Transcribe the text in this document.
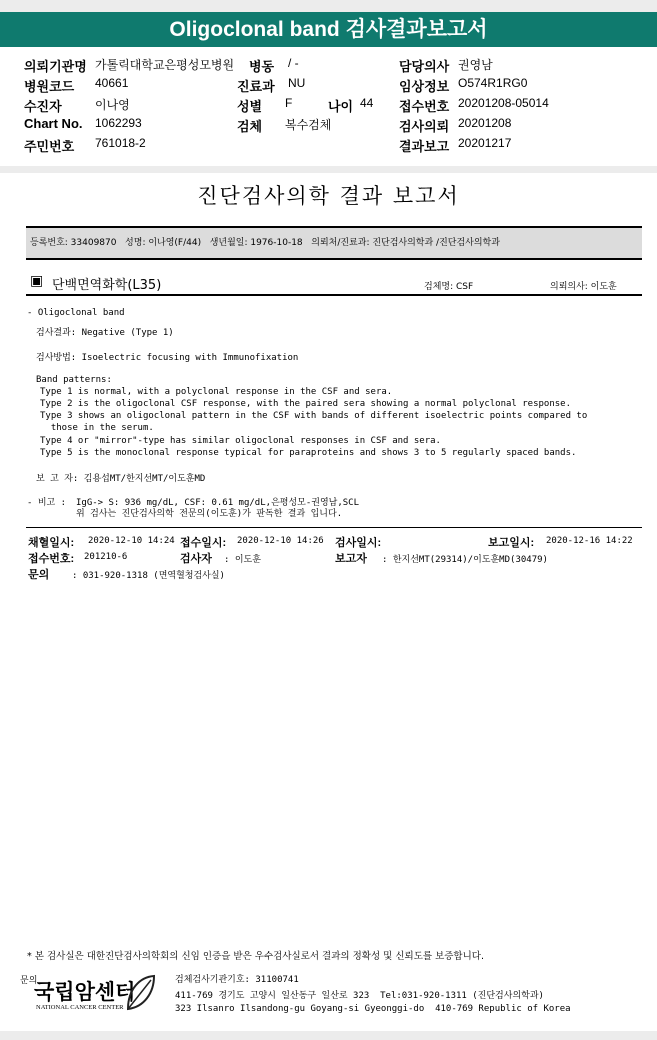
Oligoclonal band 검사결과보고서
의뢰기관명 가톨릭대학교은평성모병원 병동 / -	담당의사 권영남
병원코드 40661	진료과 NU	임상정보 O574R1RG0
수진자	이나영	성별 F	나이 44 접수번호 20201208-05014
Chart No. 1062293	검체 복수검체	검사의뢰 20201208
주민번호 761018-2	결과보고 20201217
진단검사의학 결과 보고서
등록번호: 33409870   성명: 이나영(F/44)   생년월일: 1976-10-18   의뢰처/진료과: 진단검사의학과 /진단검사의학과
▣ 단백면역화학(L35)	검체명: CSF	의뢰의사: 이도훈
- Oligoclonal band
검사결과: Negative (Type 1)
검사방법: Isoelectric focusing with Immunofixation
Band patterns:
Type 1 is normal, with a polyclonal response in the CSF and sera.
Type 2 is the oligoclonal CSF response, with the paired sera showing a normal polyclonal response.
Type 3 shows an oligoclonal pattern in the CSF with bands of different isoelectric points compared to
those in the serum.
Type 4 or "mirror"-type has similar oligoclonal responses in CSF and sera.
Type 5 is the monoclonal response typical for paraproteins and shows 3 to 5 regularly spaced bands.
보 고 자: 김용섭MT/한지선MT/이도훈MD
- 비고 : IgG-> S: 936 mg/dL, CSF: 0.61 mg/dL,은평성모-권영남,SCL
위 검사는 진단검사의학 전문의(이도훈)가 판독한 결과 입니다.
채혈일시: 2020-12-10 14:24 접수일시: 2020-12-10 14:26 검사일시:	보고일시: 2020-12-16 14:22
접수번호: 201210-6	검사자 : 이도훈	보고자 : 한지선MT(29314)/이도훈MD(30479)
문의	: 031-920-1318 (면역혈청검사실)
* 본 검사실은 대한진단검사의학회의 신임 인증을 받은 우수검사실로서 결과의 정확성 및 신뢰도를 보증합니다.
문의
국립암센터
NATIONAL CANCER CENTER
검체검사기관기호: 31100741
411-769 경기도 고양시 일산동구 일산로 323  Tel:031-920-1311 (진단검사의학과)
323 Ilsanro Ilsandong-gu Goyang-si Gyeonggi-do  410-769 Republic of Korea
